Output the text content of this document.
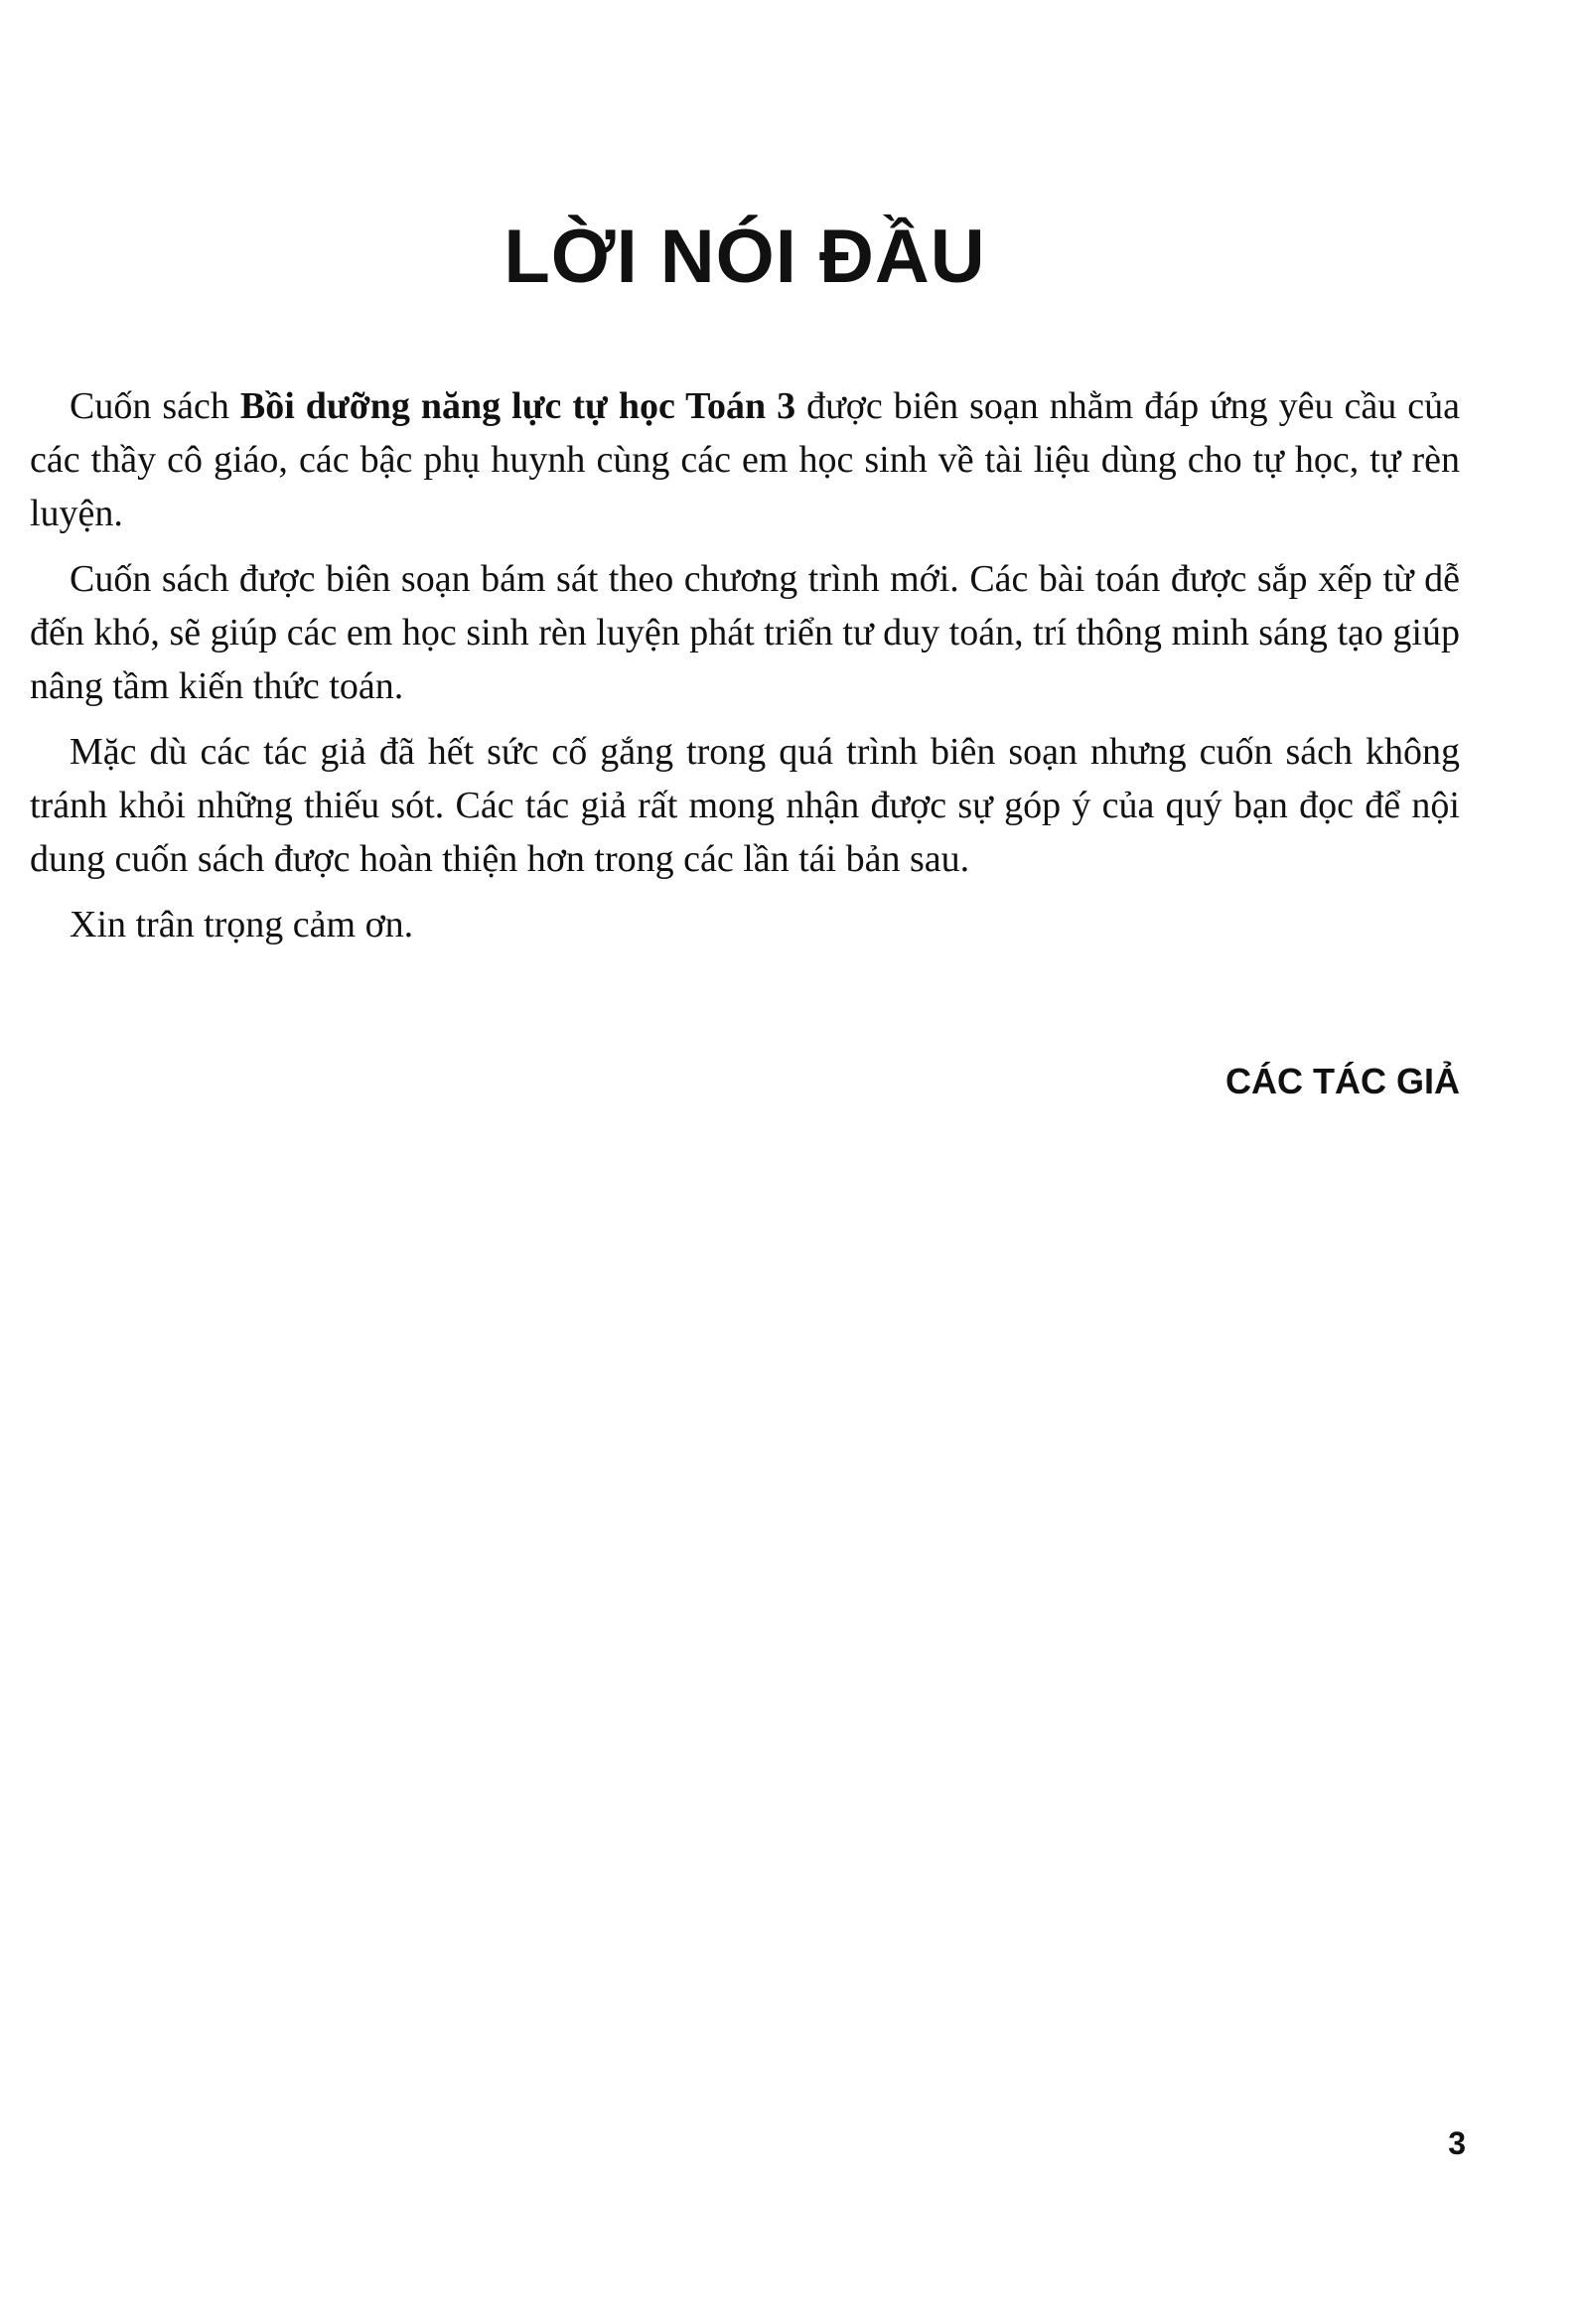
LỜI NÓI ĐẦU

Cuốn sách Bồi dưỡng năng lực tự học Toán 3 được biên soạn nhằm đáp ứng yêu cầu của các thầy cô giáo, các bậc phụ huynh cùng các em học sinh về tài liệu dùng cho tự học, tự rèn luyện.

Cuốn sách được biên soạn bám sát theo chương trình mới. Các bài toán được sắp xếp từ dễ đến khó, sẽ giúp các em học sinh rèn luyện phát triển tư duy toán, trí thông minh sáng tạo giúp nâng tầm kiến thức toán.

Mặc dù các tác giả đã hết sức cố gắng trong quá trình biên soạn nhưng cuốn sách không tránh khỏi những thiếu sót. Các tác giả rất mong nhận được sự góp ý của quý bạn đọc để nội dung cuốn sách được hoàn thiện hơn trong các lần tái bản sau.

Xin trân trọng cảm ơn.

CÁC TÁC GIẢ

3
